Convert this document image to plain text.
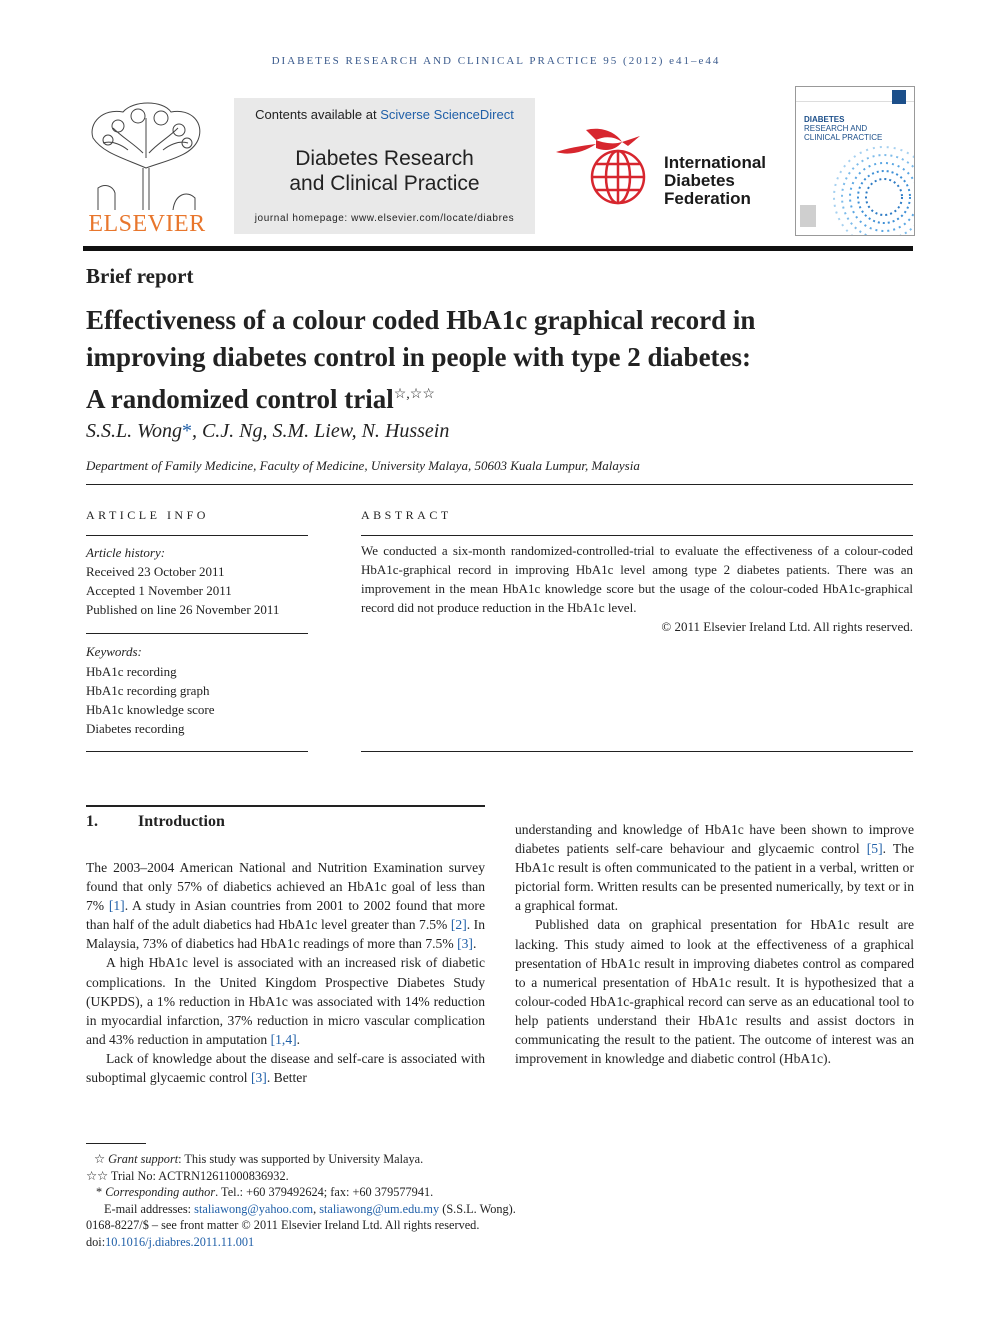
DIABETES RESEARCH AND CLINICAL PRACTICE 95 (2012) e41–e44
ELSEVIER
Contents available at Sciverse ScienceDirect
Diabetes Research
and Clinical Practice
journal homepage: www.elsevier.com/locate/diabres
International
Diabetes
Federation
DIABETES
RESEARCH AND
CLINICAL PRACTICE
Brief report
Effectiveness of a colour coded HbA1c graphical record in
improving diabetes control in people with type 2 diabetes:
A randomized control trial☆,☆☆
S.S.L. Wong*, C.J. Ng, S.M. Liew, N. Hussein
Department of Family Medicine, Faculty of Medicine, University Malaya, 50603 Kuala Lumpur, Malaysia
ARTICLE INFO
Article history:
Received 23 October 2011
Accepted 1 November 2011
Published on line 26 November 2011
Keywords:
HbA1c recording
HbA1c recording graph
HbA1c knowledge score
Diabetes recording
ABSTRACT
We conducted a six-month randomized-controlled-trial to evaluate the effectiveness of a colour-coded HbA1c-graphical record in improving HbA1c level among type 2 diabetes patients. There was an improvement in the mean HbA1c knowledge score but the usage of the colour-coded HbA1c-graphical record did not produce reduction in the HbA1c level.
© 2011 Elsevier Ireland Ltd. All rights reserved.
1.	Introduction

The 2003–2004 American National and Nutrition Examination survey found that only 57% of diabetics achieved an HbA1c goal of less than 7% [1]. A study in Asian countries from 2001 to 2002 found that more than half of the adult diabetics had HbA1c level greater than 7.5% [2]. In Malaysia, 73% of diabetics had HbA1c readings of more than 7.5% [3].

A high HbA1c level is associated with an increased risk of diabetic complications. In the United Kingdom Prospective Diabetes Study (UKPDS), a 1% reduction in HbA1c was associated with 14% reduction in myocardial infarction, 37% reduction in micro vascular complication and 43% reduction in amputation [1,4].

Lack of knowledge about the disease and self-care is associated with suboptimal glycaemic control [3]. Better

understanding and knowledge of HbA1c have been shown to improve diabetes patients self-care behaviour and glycaemic control [5]. The HbA1c result is often communicated to the patient in a verbal, written or pictorial form. Written results can be presented numerically, by text or in a graphical format.

Published data on graphical presentation for HbA1c result are lacking. This study aimed to look at the effectiveness of a graphical presentation of HbA1c result in improving diabetes control as compared to a numerical presentation of HbA1c result. It is hypothesized that a colour-coded HbA1c-graphical record can serve as an educational tool to help patients understand their HbA1c results and assist doctors in communicating the result to the patient. The outcome of interest was an improvement in knowledge and diabetic control (HbA1c).

☆ Grant support: This study was supported by University Malaya.
☆☆ Trial No: ACTRN12611000836932.
* Corresponding author. Tel.: +60 379492624; fax: +60 379577941.
E-mail addresses: staliawong@yahoo.com, staliawong@um.edu.my (S.S.L. Wong).
0168-8227/$ – see front matter © 2011 Elsevier Ireland Ltd. All rights reserved.
doi:10.1016/j.diabres.2011.11.001
